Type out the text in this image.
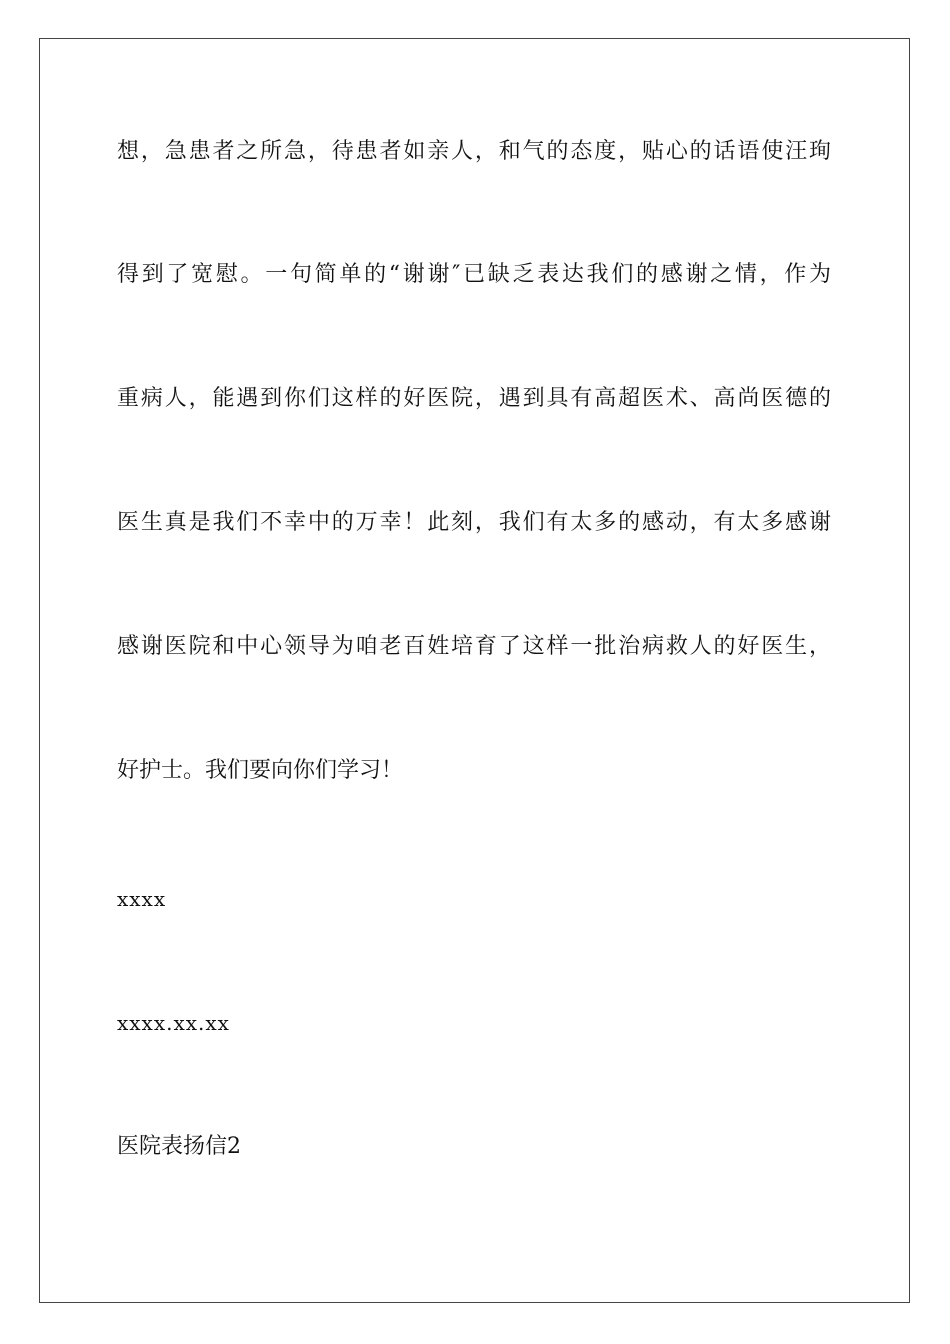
想，急患者之所急，待患者如亲人，和气的态度，贴心的话语使汪珣
得到了宽慰。一句简单的“谢谢″已缺乏表达我们的感谢之情，作为
重病人，能遇到你们这样的好医院，遇到具有高超医术、高尚医德的
医生真是我们不幸中的万幸！此刻，我们有太多的感动，有太多感谢
感谢医院和中心领导为咱老百姓培育了这样一批治病救人的好医生，
好护士。我们要向你们学习！
xxxx
xxxx.xx.xx
医院表扬信2
